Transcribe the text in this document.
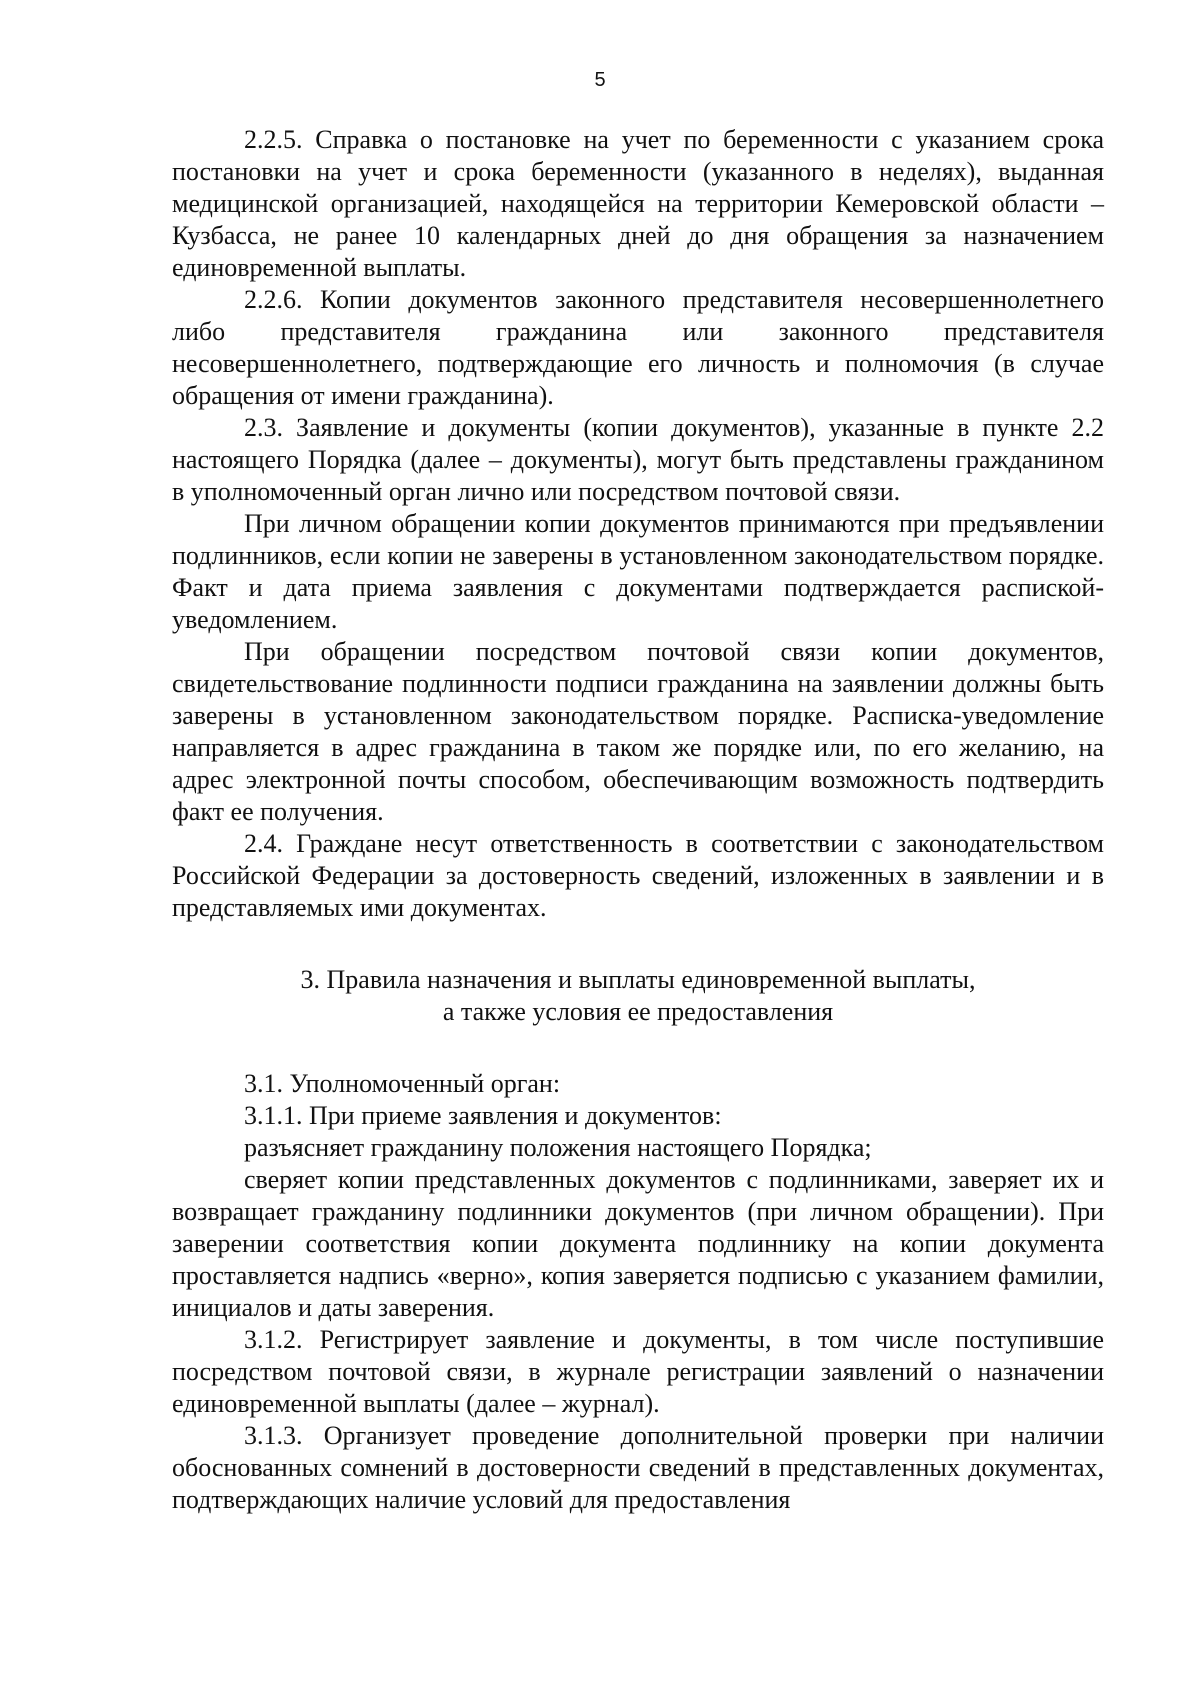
5

2.2.5. Справка о постановке на учет по беременности с указанием срока постановки на учет и срока беременности (указанного в неделях), выданная медицинской организацией, находящейся на территории Кемеровской области – Кузбасса, не ранее 10 календарных дней до дня обращения за назначением единовременной выплаты.

2.2.6. Копии документов законного представителя несовершеннолетнего либо представителя гражданина или законного представителя несовершеннолетнего, подтверждающие его личность и полномочия (в случае обращения от имени гражданина).

2.3. Заявление и документы (копии документов), указанные в пункте 2.2 настоящего Порядка (далее – документы), могут быть представлены гражданином в уполномоченный орган лично или посредством почтовой связи.

При личном обращении копии документов принимаются при предъявлении подлинников, если копии не заверены в установленном законодательством порядке. Факт и дата приема заявления с документами подтверждается распиской-уведомлением.

При обращении посредством почтовой связи копии документов, свидетельствование подлинности подписи гражданина на заявлении должны быть заверены в установленном законодательством порядке. Расписка-уведомление направляется в адрес гражданина в таком же порядке или, по его желанию, на адрес электронной почты способом, обеспечивающим возможность подтвердить факт ее получения.

2.4. Граждане несут ответственность в соответствии с законодательством Российской Федерации за достоверность сведений, изложенных в заявлении и в представляемых ими документах.

3. Правила назначения и выплаты единовременной выплаты,
а также условия ее предоставления

3.1. Уполномоченный орган:

3.1.1. При приеме заявления и документов:

разъясняет гражданину положения настоящего Порядка;

сверяет копии представленных документов с подлинниками, заверяет их и возвращает гражданину подлинники документов (при личном обращении). При заверении соответствия копии документа подлиннику на копии документа проставляется надпись «верно», копия заверяется подписью с указанием фамилии, инициалов и даты заверения.

3.1.2. Регистрирует заявление и документы, в том числе поступившие посредством почтовой связи, в журнале регистрации заявлений о назначении единовременной выплаты (далее – журнал).

3.1.3. Организует проведение дополнительной проверки при наличии обоснованных сомнений в достоверности сведений в представленных документах, подтверждающих наличие условий для предоставления
